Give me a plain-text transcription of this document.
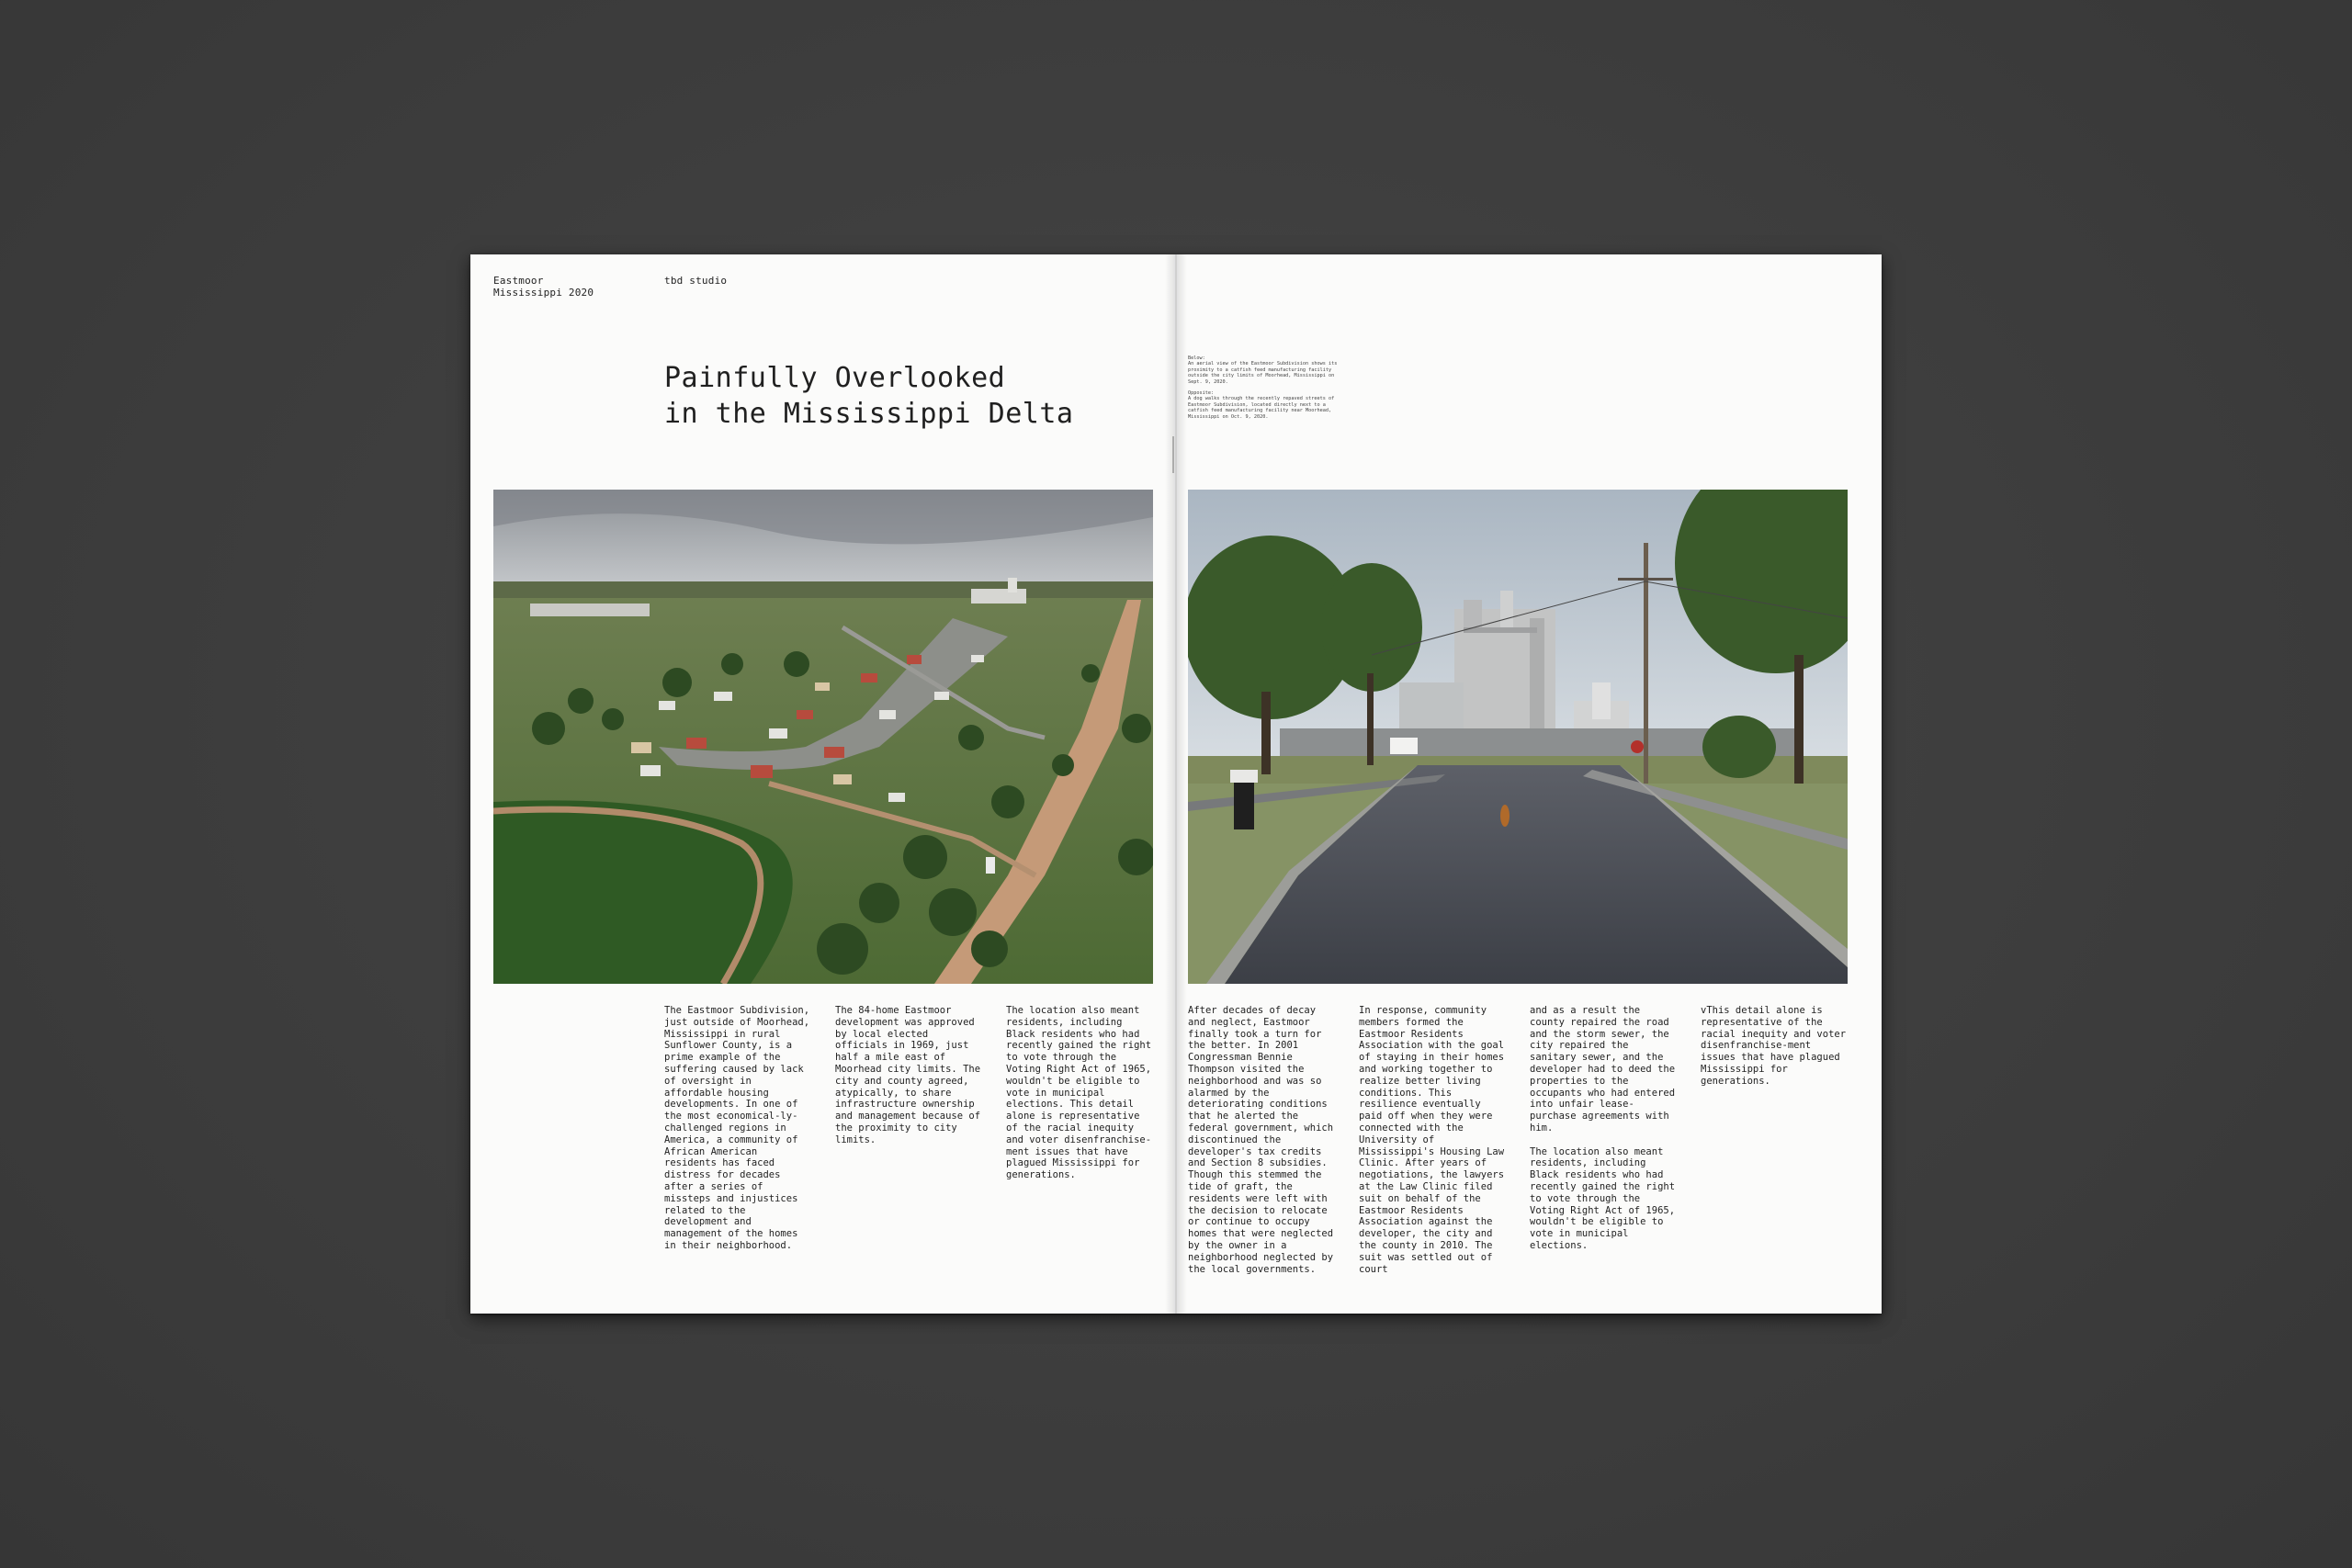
Eastmoor
Mississippi 2020
tbd studio
Painfully Overlooked
in the Mississippi Delta
The Eastmoor Subdivision, just outside of Moorhead, Mississippi in rural Sunflower County, is a prime example of the suffering caused by lack of oversight in affordable housing developments. In one of the most economical-ly-challenged regions in America, a community of African American residents has faced distress for decades after a series of missteps and injustices related to the development and management of the homes in their neighborhood.
The 84-home Eastmoor development was approved by local elected officials in 1969, just half a mile east of Moorhead city limits. The city and county agreed, atypically, to share infrastructure ownership and management because of the proximity to city limits.
The location also meant residents, including Black residents who had recently gained the right to vote through the Voting Right Act of 1965, wouldn't be eligible to vote in municipal elections. This detail alone is representative of the racial inequity and voter disenfranchise-ment issues that have plagued Mississippi for generations.

Below:
An aerial view of the Eastmoor Subdivision shows its proximity to a catfish feed manufacturing facility outside the city limits of Moorhead, Mississippi on Sept. 9, 2020.

Opposite:
A dog walks through the recently repaved streets of Eastmoor Subdivision, located directly next to a catfish feed manufacturing facility near Moorhead, Mississippi on Oct. 9, 2020.

After decades of decay and neglect, Eastmoor finally took a turn for the better. In 2001 Congressman Bennie Thompson visited the neighborhood and was so alarmed by the deteriorating conditions that he alerted the federal government, which discontinued the developer's tax credits and Section 8 subsidies. Though this stemmed the tide of graft, the residents were left with the decision to relocate or continue to occupy homes that were neglected by the owner in a neighborhood neglected by the local governments.

In response, community members formed the Eastmoor Residents Association with the goal of staying in their homes and working together to realize better living conditions. This resilience eventually paid off when they were connected with the University of Mississippi's Housing Law Clinic. After years of negotiations, the lawyers at the Law Clinic filed suit on behalf of the Eastmoor Residents Association against the developer, the city and the county in 2010. The suit was settled out of court

and as a result the county repaired the road and the storm sewer, the city repaired the sanitary sewer, and the developer had to deed the properties to the occupants who had entered into unfair lease-purchase agreements with him.

The location also meant residents, including Black residents who had recently gained the right to vote through the Voting Right Act of 1965, wouldn't be eligible to vote in municipal elections.

vThis detail alone is representative of the racial inequity and voter disenfranchise-ment issues that have plagued Mississippi for generations.
